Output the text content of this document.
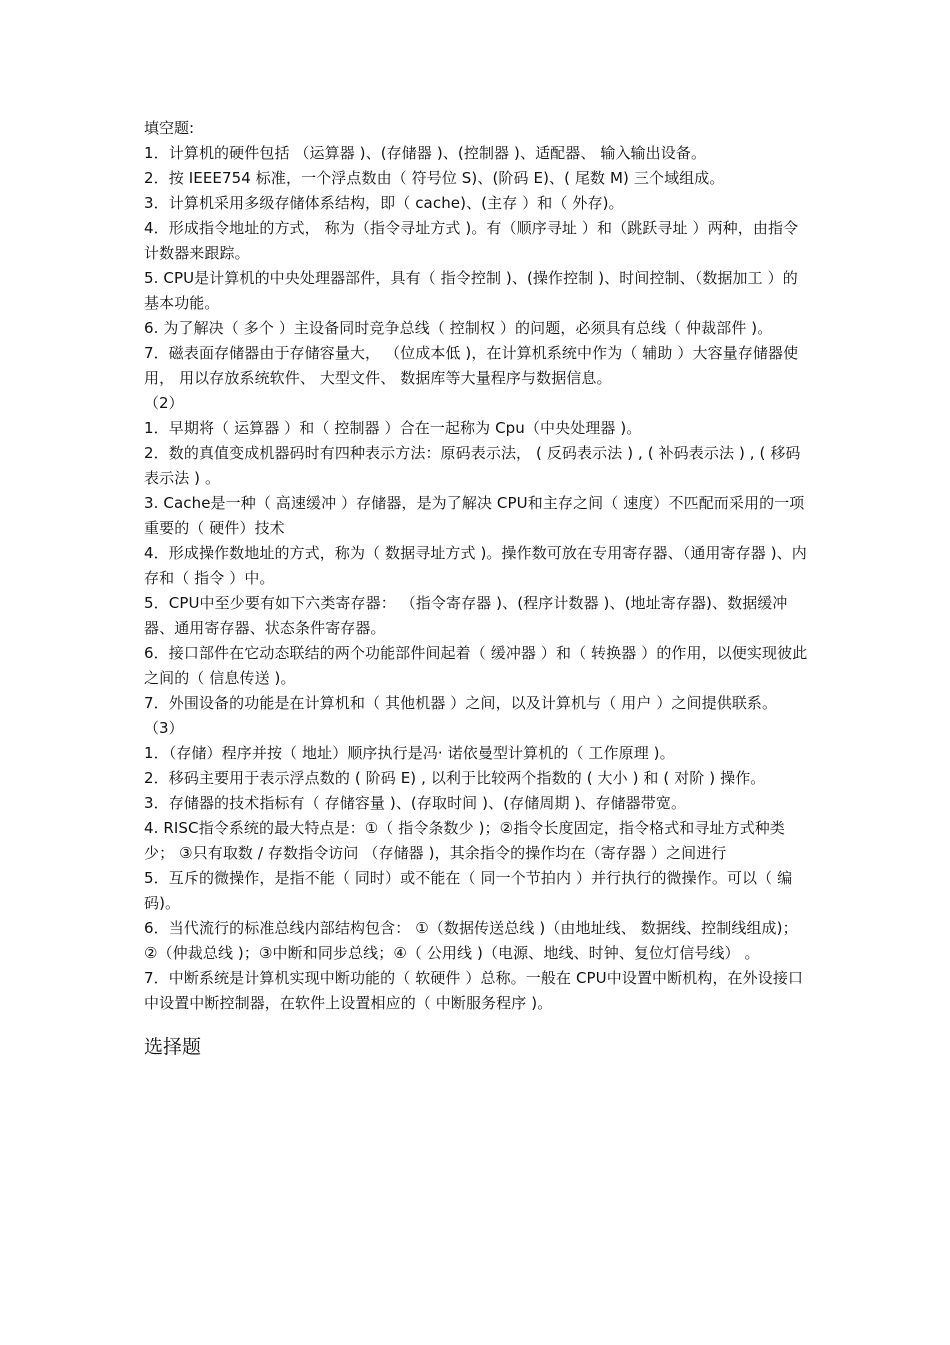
填空题:
1．计算机的硬件包括 （运算器 )、(存储器 )、(控制器 )、适配器、 输入输出设备。
2．按 IEEE754 标准，一个浮点数由（ 符号位 S)、(阶码 E)、( 尾数 M) 三个域组成。
3．计算机采用多级存储体系结构，即（ cache)、(主存 ）和（ 外存)。
4．形成指令地址的方式， 称为（指令寻址方式 )。有（顺序寻址 ）和（跳跃寻址 ）两种，由指令计数器来跟踪。
5. CPU是计算机的中央处理器部件，具有（ 指令控制 )、(操作控制 )、时间控制、（数据加工 ）的基本功能。
6. 为了解决（ 多个 ）主设备同时竞争总线（ 控制权 ）的问题，必须具有总线（ 仲裁部件 )。
7．磁表面存储器由于存储容量大， （位成本低 )，在计算机系统中作为（ 辅助 ）大容量存储器使用， 用以存放系统软件、 大型文件、 数据库等大量程序与数据信息。
（2）
1．早期将（ 运算器 ）和（ 控制器 ）合在一起称为 Cpu（中央处理器 )。
2．数的真值变成机器码时有四种表示方法：原码表示法， ( 反码表示法 ) , ( 补码表示法 ) , ( 移码表示法 ) 。
3. Cache是一种（ 高速缓冲 ）存储器，是为了解决 CPU和主存之间（ 速度）不匹配而采用的一项重要的（ 硬件）技术
4．形成操作数地址的方式，称为（ 数据寻址方式 )。操作数可放在专用寄存器、（通用寄存器 )、内存和（ 指令 ）中。
5．CPU中至少要有如下六类寄存器： （指令寄存器 )、(程序计数器 )、(地址寄存器)、数据缓冲器、通用寄存器、状态条件寄存器。
6．接口部件在它动态联结的两个功能部件间起着（ 缓冲器 ）和（ 转换器 ）的作用，以便实现彼此之间的（ 信息传送 )。
7．外围设备的功能是在计算机和（ 其他机器 ）之间，以及计算机与（ 用户 ）之间提供联系。
（3）
1．（存储）程序并按（ 地址）顺序执行是冯· 诺依曼型计算机的（ 工作原理 )。
2．移码主要用于表示浮点数的 ( 阶码 E) , 以利于比较两个指数的 ( 大小 ) 和 ( 对阶 ) 操作。
3．存储器的技术指标有（ 存储容量 )、(存取时间 )、(存储周期 )、存储器带宽。
4. RISC指令系统的最大特点是：①（ 指令条数少 )；②指令长度固定，指令格式和寻址方式种类少； ③只有取数 / 存数指令访问 （存储器 )，其余指令的操作均在（寄存器 ）之间进行
5．互斥的微操作，是指不能（ 同时）或不能在（ 同一个节拍内 ）并行执行的微操作。可以（ 编码)。
6．当代流行的标准总线内部结构包含： ①（数据传送总线 )（由地址线、 数据线、控制线组成)；②（仲裁总线 )；③中断和同步总线；④（ 公用线 )（电源、地线、时钟、复位灯信号线） 。
7．中断系统是计算机实现中断功能的（ 软硬件 ）总称。一般在 CPU中设置中断机构，在外设接口中设置中断控制器，在软件上设置相应的（ 中断服务程序 )。
选择题
